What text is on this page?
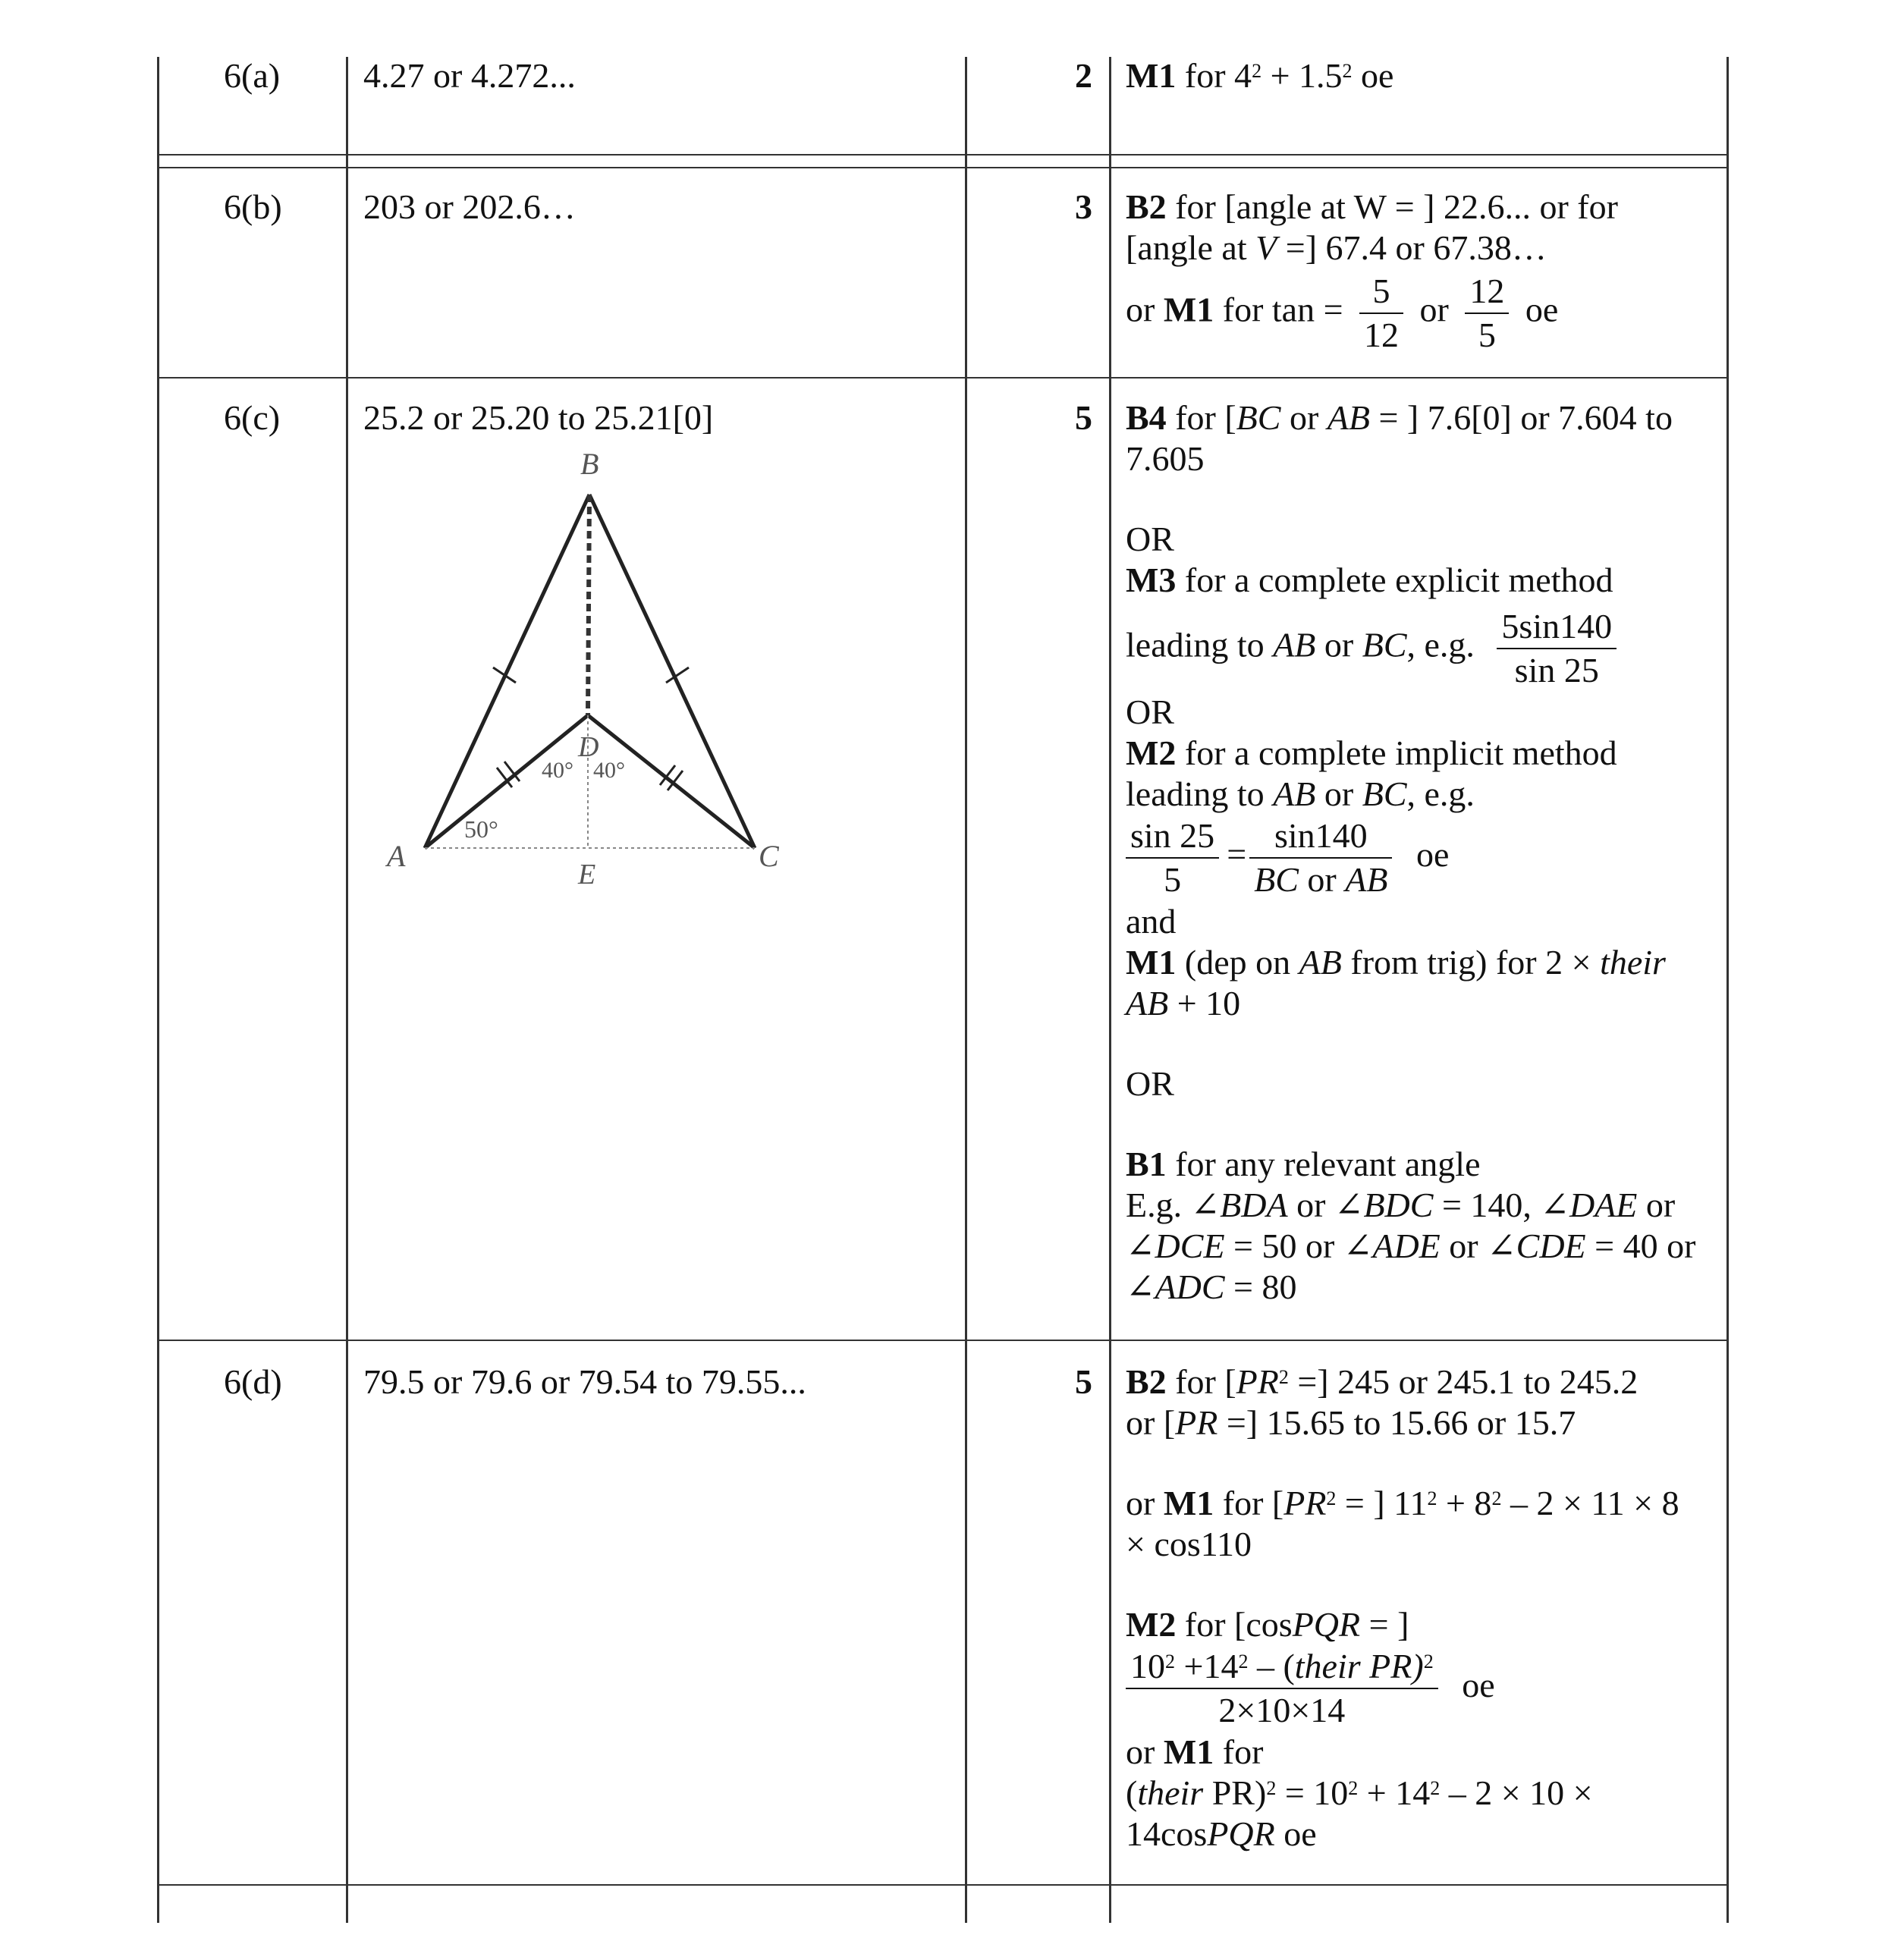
6(a) 4.27 or 4.272...	2 M1 for $4^2 + 1.5^2$ oe
6(b) 203 or 202.6…	3 B2 for [angle at W = ] 22.6... or for
[angle at V =] 67.4 or 67.38…
or M1 for $\tan = \frac{5}{12}$ or $\frac{12}{5}$ oe
6(c) 25.2 or 25.20 to 25.21[0]	5
B
A	C
D
E
50°
40° 40°
B4 for [BC or AB = ] 7.6[0] or 7.604 to
7.605
OR
M3 for a complete explicit method
leading to AB or BC, e.g. $\frac{5\sin 140}{\sin 25}$
OR
M2 for a complete implicit method
leading to AB or BC, e.g.
$\frac{\sin 25}{5} = \frac{\sin 140}{\text{BC or AB}}$ oe
and
M1 (dep on AB from trig) for 2 × their
AB + 10
OR
B1 for any relevant angle
E.g. ∠BDA or ∠BDC = 140, ∠DAE or
∠DCE = 50 or ∠ADE or ∠CDE = 40 or
∠ADC = 80
6(d) 79.5 or 79.6 or 79.54 to 79.55...	5 B2 for [$PR^2$ =] 245 or 245.1 to 245.2
or [PR =] 15.65 to 15.66 or 15.7
or M1 for [$PR^2$ = ] $11^2 + 8^2 - 2 \times 11 \times 8$
× cos110
M2 for [cosPQR = ]
$\frac{10^2 +14^2 - (their PR)^2}{2\times 10\times 14}$ oe
or M1 for
(their $PR)^2 = 10^2 + 14^2 - 2 \times 10$ ×
14cosPQR oe
